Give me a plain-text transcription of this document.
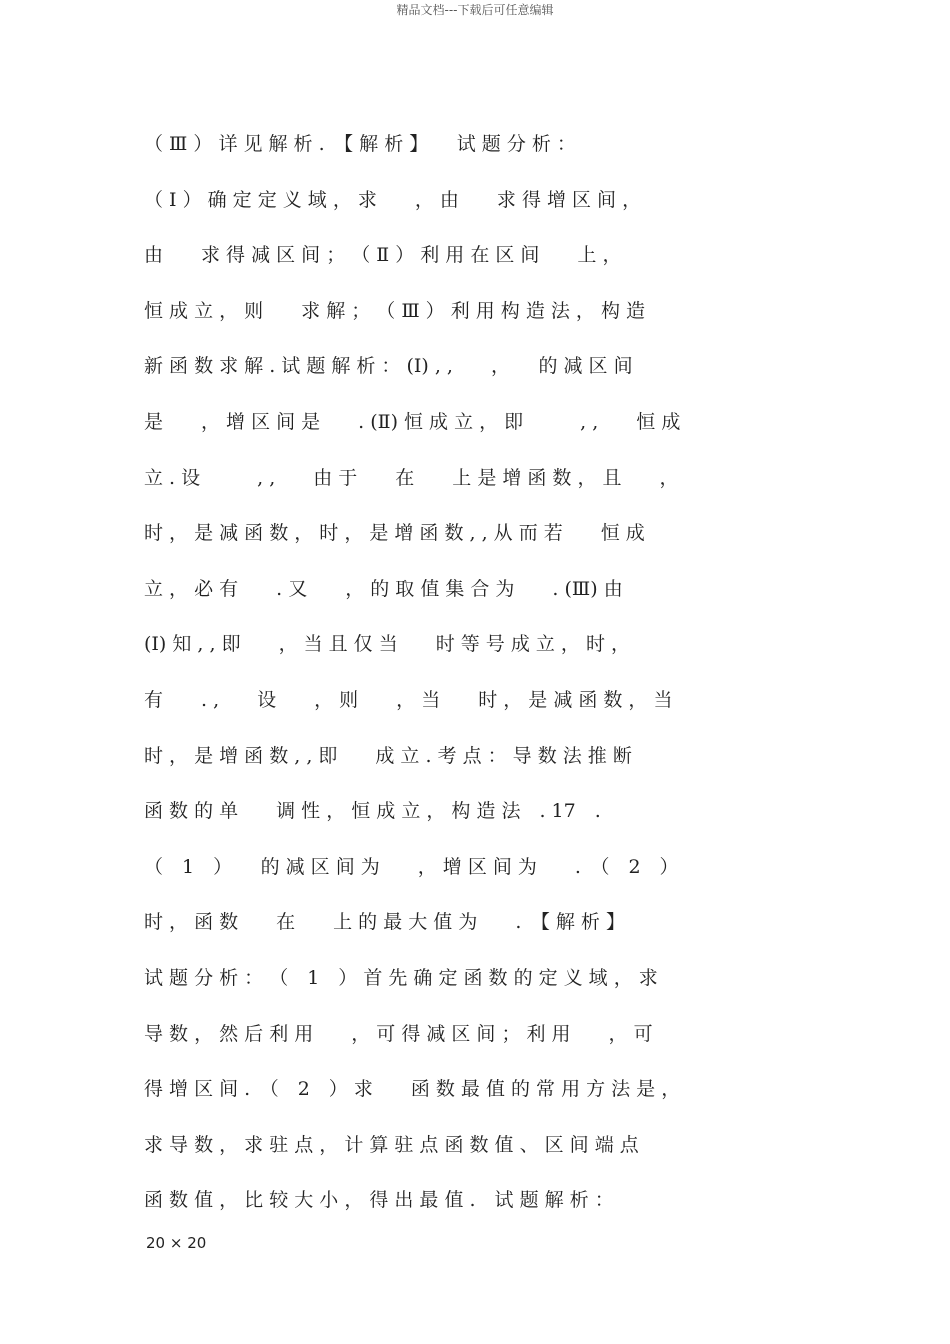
精品文档---下载后可任意编辑
（ Ⅲ ） 详 见 解 析 .　【 解 析 】　　试 题 分 析 ：
（ Ⅰ ） 确 定 定 义 域 ， 求　　， 由　　求 得 增 区 间 ，
由　　求 得 减 区 间 ； （ Ⅱ ） 利 用 在 区 间　　上 ，
恒 成 立 ， 则　　求 解 ； （ Ⅲ ） 利 用 构 造 法 ， 构 造
新 函 数 求 解 . 试 题 解 析 ： (Ⅰ) , ,　　，　　的 减 区 间
是　　， 增 区 间 是　　. (Ⅱ) 恒 成 立 ， 即　　　, ,　　恒 成
立 . 设　　　, ,　　由 于　　在　　上 是 增 函 数 ， 且　　，
时 ， 是 减 函 数 ， 时 ， 是 增 函 数 , , 从 而 若　　恒 成
立 ， 必 有　　. 又　　， 的 取 值 集 合 为　　. (Ⅲ) 由
(Ⅰ) 知 , , 即　　， 当 且 仅 当　　时 等 号 成 立 ， 时 ，
有　　. ,　　设　　， 则　　， 当　　时 ， 是 减 函 数 ， 当
时 ， 是 增 函 数 , , 即　　成 立 . 考 点 ： 导 数 法 推 断
函 数 的 单　　调 性 ， 恒 成 立 ， 构 造 法　. 17　.
（　1　）　　的 减 区 间 为　　， 增 区 间 为　　.　（　2　）
时 ， 函 数　　在　　上 的 最 大 值 为　　.　【 解 析 】
试 题 分 析 ： （　1　） 首 先 确 定 函 数 的 定 义 域 ， 求
导 数 ， 然 后 利 用　　， 可 得 减 区 间 ； 利 用　　， 可
得 增 区 间 .　（　2　） 求　　函 数 最 值 的 常 用 方 法 是 ，
求 导 数 ， 求 驻 点 ， 计 算 驻 点 函 数 值 、 区 间 端 点
函 数 值 ， 比 较 大 小 ， 得 出 最 值 .　试 题 解 析 ：
20 × 20
